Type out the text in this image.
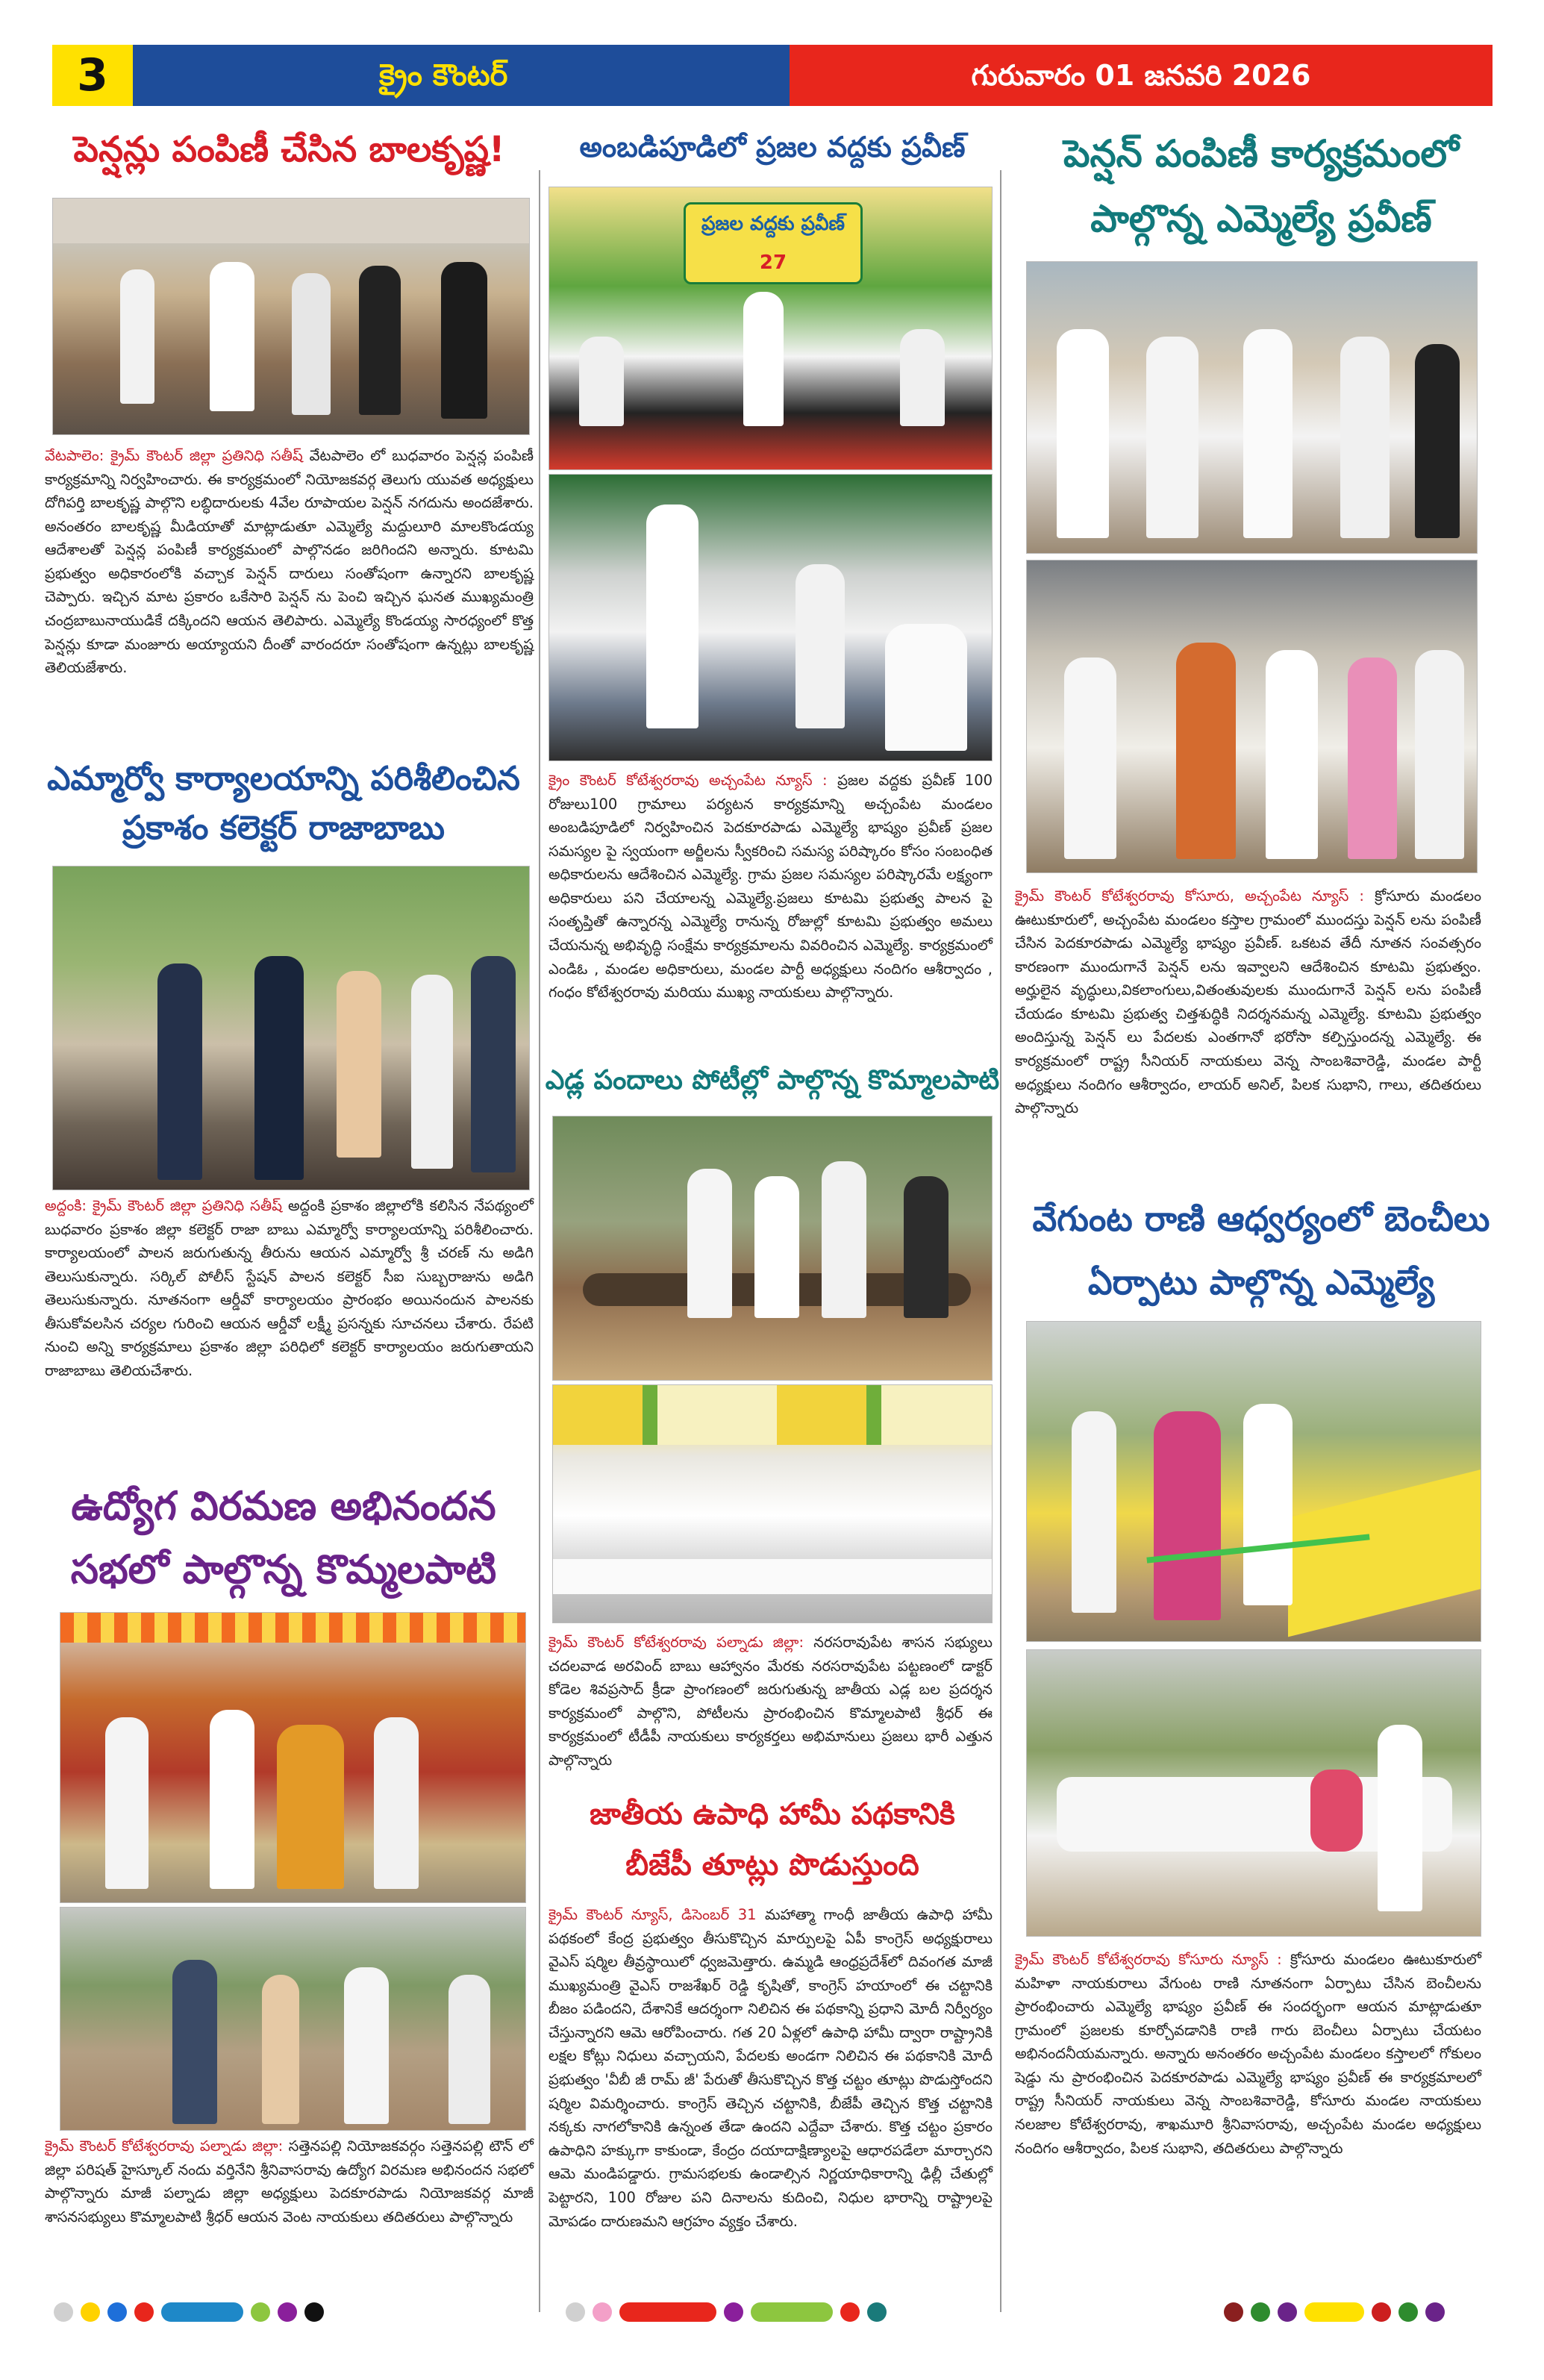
3	క్రైం కౌంటర్	గురువారం 01 జనవరి 2026
పెన్షన్లు పంపిణీ చేసిన బాలకృష్ణ!
వేటపాలెం: క్రైమ్ కౌంటర్ జిల్లా ప్రతినిధి సతీష్ వేటపాలెం లో బుధవారం పెన్షన్ల పంపిణీ కార్యక్రమాన్ని నిర్వహించారు. ఈ కార్యక్రమంలో నియోజకవర్గ తెలుగు యువత అధ్యక్షులు దోగిపర్తి బాలకృష్ణ పాల్గొని లబ్ధిదారులకు 4వేల రూపాయల పెన్షన్ నగదును అందజేశారు. అనంతరం బాలకృష్ణ మీడియాతో మాట్లాడుతూ ఎమ్మెల్యే మద్దులూరి మాలకొండయ్య ఆదేశాలతో పెన్షన్ల పంపిణీ కార్యక్రమంలో పాల్గొనడం జరిగిందని అన్నారు. కూటమి ప్రభుత్వం అధికారంలోకి వచ్చాక పెన్షన్ దారులు సంతోషంగా ఉన్నారని బాలకృష్ణ చెప్పారు. ఇచ్చిన మాట ప్రకారం ఒకేసారి పెన్షన్ ను పెంచి ఇచ్చిన ఘనత ముఖ్యమంత్రి చంద్రబాబునాయుడికే దక్కిందని ఆయన తెలిపారు. ఎమ్మెల్యే కొండయ్య సారధ్యంలో కొత్త పెన్షన్లు కూడా మంజూరు అయ్యాయని దీంతో వారందరూ సంతోషంగా ఉన్నట్లు బాలకృష్ణ తెలియజేశారు.
ఎమ్మార్వో కార్యాలయాన్ని పరిశీలించిన
ప్రకాశం కలెక్టర్ రాజాబాబు
అద్దంకి: క్రైమ్ కౌంటర్ జిల్లా ప్రతినిధి సతీష్ అద్దంకి ప్రకాశం జిల్లాలోకి కలిసిన నేపథ్యంలో బుధవారం ప్రకాశం జిల్లా కలెక్టర్ రాజా బాబు ఎమ్మార్వో కార్యాలయాన్ని పరిశీలించారు. కార్యాలయంలో పాలన జరుగుతున్న తీరును ఆయన ఎమ్మార్వో శ్రీ చరణ్ ను అడిగి తెలుసుకున్నారు. సర్కిల్ పోలీస్ స్టేషన్ పాలన కలెక్టర్ సీఐ సుబ్బరాజును అడిగి తెలుసుకున్నారు. నూతనంగా ఆర్డీవో కార్యాలయం ప్రారంభం అయినందున పాలనకు తీసుకోవలసిన చర్యల గురించి ఆయన ఆర్డీవో లక్ష్మీ ప్రసన్నకు సూచనలు చేశారు. రేపటి నుంచి అన్ని కార్యక్రమాలు ప్రకాశం జిల్లా పరిధిలో కలెక్టర్ కార్యాలయం జరుగుతాయని రాజాబాబు తెలియచేశారు.
ఉద్యోగ విరమణ అభినందన
సభలో పాల్గొన్న కొమ్మలపాటి
క్రైమ్ కౌంటర్ కోటేశ్వరరావు పల్నాడు జిల్లా: సత్తెనపల్లి నియోజకవర్గం సత్తెనపల్లి టౌన్ లో జిల్లా పరిషత్ హైస్కూల్ నందు వర్తినేని శ్రీనివాసరావు ఉద్యోగ విరమణ అభినందన సభలో పాల్గొన్నారు మాజీ పల్నాడు జిల్లా అధ్యక్షులు పెదకూరపాడు నియోజకవర్గ మాజీ శాసనసభ్యులు కొమ్మాలపాటి శ్రీధర్ ఆయన వెంట నాయకులు తదితరులు పాల్గొన్నారు
అంబడిపూడిలో ప్రజల వద్దకు ప్రవీణ్
ప్రజల వద్దకు ప్రవీణ్
27
క్రైం కౌంటర్ కోటేశ్వరరావు అచ్చంపేట న్యూస్ : ప్రజల వద్దకు ప్రవీణ్ 100 రోజులు100 గ్రామాలు పర్యటన కార్యక్రమాన్ని అచ్చంపేట మండలం అంబడిపూడిలో నిర్వహించిన పెదకూరపాడు ఎమ్మెల్యే భాష్యం ప్రవీణ్ ప్రజల సమస్యల పై స్వయంగా అర్జీలను స్వీకరించి సమస్య పరిష్కారం కోసం సంబంధిత అధికారులను ఆదేశించిన ఎమ్మెల్యే. గ్రామ ప్రజల సమస్యల పరిష్కారమే లక్ష్యంగా అధికారులు పని చేయాలన్న ఎమ్మెల్యే.ప్రజలు కూటమి ప్రభుత్వ పాలన పై సంతృప్తితో ఉన్నారన్న ఎమ్మెల్యే రానున్న రోజుల్లో కూటమి ప్రభుత్వం అమలు చేయనున్న అభివృద్ధి సంక్షేమ కార్యక్రమాలను వివరించిన ఎమ్మెల్యే. కార్యక్రమంలో ఎండిఓ , మండల అధికారులు, మండల పార్టీ అధ్యక్షులు నందిగం ఆశీర్వాదం , గంధం కోటేశ్వరరావు మరియు ముఖ్య నాయకులు పాల్గొన్నారు.
ఎడ్ల పందాలు పోటీల్లో పాల్గొన్న కొమ్మాలపాటి
క్రైమ్ కౌంటర్ కోటేశ్వరరావు పల్నాడు జిల్లా: నరసరావుపేట శాసన సభ్యులు చదలవాడ అరవింద్ బాబు ఆహ్వానం మేరకు నరసరావుపేట పట్టణంలో డాక్టర్ కోడెల శివప్రసాద్ క్రీడా ప్రాంగణంలో జరుగుతున్న జాతీయ ఎడ్ల బల ప్రదర్శన కార్యక్రమంలో పాల్గొని, పోటీలను ప్రారంభించిన కొమ్మాలపాటి శ్రీధర్ ఈ కార్యక్రమంలో టీడీపీ నాయకులు కార్యకర్తలు అభిమానులు ప్రజలు భారీ ఎత్తున పాల్గొన్నారు
జాతీయ ఉపాధి హామీ పథకానికి
బీజేపీ తూట్లు పొడుస్తుంది
క్రైమ్ కౌంటర్ న్యూస్, డిసెంబర్ 31 మహాత్మా గాంధీ జాతీయ ఉపాధి హామీ పథకంలో కేంద్ర ప్రభుత్వం తీసుకొచ్చిన మార్పులపై ఏపీ కాంగ్రెస్ అధ్యక్షురాలు వైఎస్ షర్మిల తీవ్రస్థాయిలో ధ్వజమెత్తారు. ఉమ్మడి ఆంధ్రప్రదేశ్‌లో దివంగత మాజీ ముఖ్యమంత్రి వైఎస్ రాజశేఖర్ రెడ్డి కృషితో, కాంగ్రెస్ హయాంలో ఈ చట్టానికి బీజం పడిందని, దేశానికే ఆదర్శంగా నిలిచిన ఈ పథకాన్ని ప్రధాని మోదీ నిర్వీర్యం చేస్తున్నారని ఆమె ఆరోపించారు. గత 20 ఏళ్లలో ఉపాధి హామీ ద్వారా రాష్ట్రానికి లక్షల కోట్లు నిధులు వచ్చాయని, పేదలకు అండగా నిలిచిన ఈ పథకానికి మోదీ ప్రభుత్వం 'వీబీ జీ రామ్ జీ' పేరుతో తీసుకొచ్చిన కొత్త చట్టం తూట్లు పొడుస్తోందని షర్మిల విమర్శించారు. కాంగ్రెస్ తెచ్చిన చట్టానికి, బీజేపీ తెచ్చిన కొత్త చట్టానికి నక్కకు నాగలోకానికి ఉన్నంత తేడా ఉందని ఎద్దేవా చేశారు. కొత్త చట్టం ప్రకారం ఉపాధిని హక్కుగా కాకుండా, కేంద్రం దయాదాక్షిణ్యాలపై ఆధారపడేలా మార్చారని ఆమె మండిపడ్డారు. గ్రామసభలకు ఉండాల్సిన నిర్ణయాధికారాన్ని ఢిల్లీ చేతుల్లో పెట్టారని, 100 రోజుల పని దినాలను కుదించి, నిధుల భారాన్ని రాష్ట్రాలపై మోపడం దారుణమని ఆగ్రహం వ్యక్తం చేశారు.
పెన్షన్ పంపిణీ కార్యక్రమంలో
పాల్గొన్న ఎమ్మెల్యే ప్రవీణ్
క్రైమ్ కౌంటర్ కోటేశ్వరరావు కోసూరు, అచ్చంపేట న్యూస్ : క్రోసూరు మండలం ఊటుకూరులో, అచ్చంపేట మండలం కస్తాల గ్రామంలో ముందస్తు పెన్షన్ లను పంపిణీ చేసిన పెదకూరపాడు ఎమ్మెల్యే భాష్యం ప్రవీణ్. ఒకటవ తేదీ నూతన సంవత్సరం కారణంగా ముందుగానే పెన్షన్ లను ఇవ్వాలని ఆదేశించిన కూటమి ప్రభుత్వం. అర్హులైన వృద్ధులు,వికలాంగులు,వితంతువులకు ముందుగానే పెన్షన్ లను పంపిణీ చేయడం కూటమి ప్రభుత్వ చిత్తశుద్ధికి నిదర్శనమన్న ఎమ్మెల్యే. కూటమి ప్రభుత్వం అందిస్తున్న పెన్షన్ లు పేదలకు ఎంతగానో భరోసా కల్పిస్తుందన్న ఎమ్మెల్యే. ఈ కార్యక్రమంలో రాష్ట్ర సీనియర్ నాయకులు వెన్న సాంబశివారెడ్డి, మండల పార్టీ అధ్యక్షులు నందిగం ఆశీర్వాదం, లాయర్ అనిల్, పిలక సుభాని, గాలు, తదితరులు పాల్గొన్నారు
వేగుంట రాణి ఆధ్వర్యంలో బెంచీలు
ఏర్పాటు పాల్గొన్న ఎమ్మెల్యే
క్రైమ్ కౌంటర్ కోటేశ్వరరావు కోసూరు న్యూస్ : క్రోసూరు మండలం ఊటుకూరులో మహిళా నాయకురాలు వేగుంట రాణి నూతనంగా ఏర్పాటు చేసిన బెంచీలను ప్రారంభించారు ఎమ్మెల్యే భాష్యం ప్రవీణ్ ఈ సందర్భంగా ఆయన మాట్లాడుతూ గ్రామంలో ప్రజలకు కూర్చోవడానికి రాణి గారు బెంచీలు ఏర్పాటు చేయటం అభినందనీయమన్నారు. అన్నారు అనంతరం అచ్చంపేట మండలం కస్తాలలో గోకులం షెడ్డు ను ప్రారంభించిన పెదకూరపాడు ఎమ్మెల్యే భాష్యం ప్రవీణ్ ఈ కార్యక్రమాలలో రాష్ట్ర సీనియర్ నాయకులు వెన్న సాంబశివారెడ్డి, కోసూరు మండల నాయకులు నలజాల కోటేశ్వరరావు, శాఖమూరి శ్రీనివాసరావు, అచ్చంపేట మండల అధ్యక్షులు నందిగం ఆశీర్వాదం, పిలక సుభాని, తదితరులు పాల్గొన్నారు
